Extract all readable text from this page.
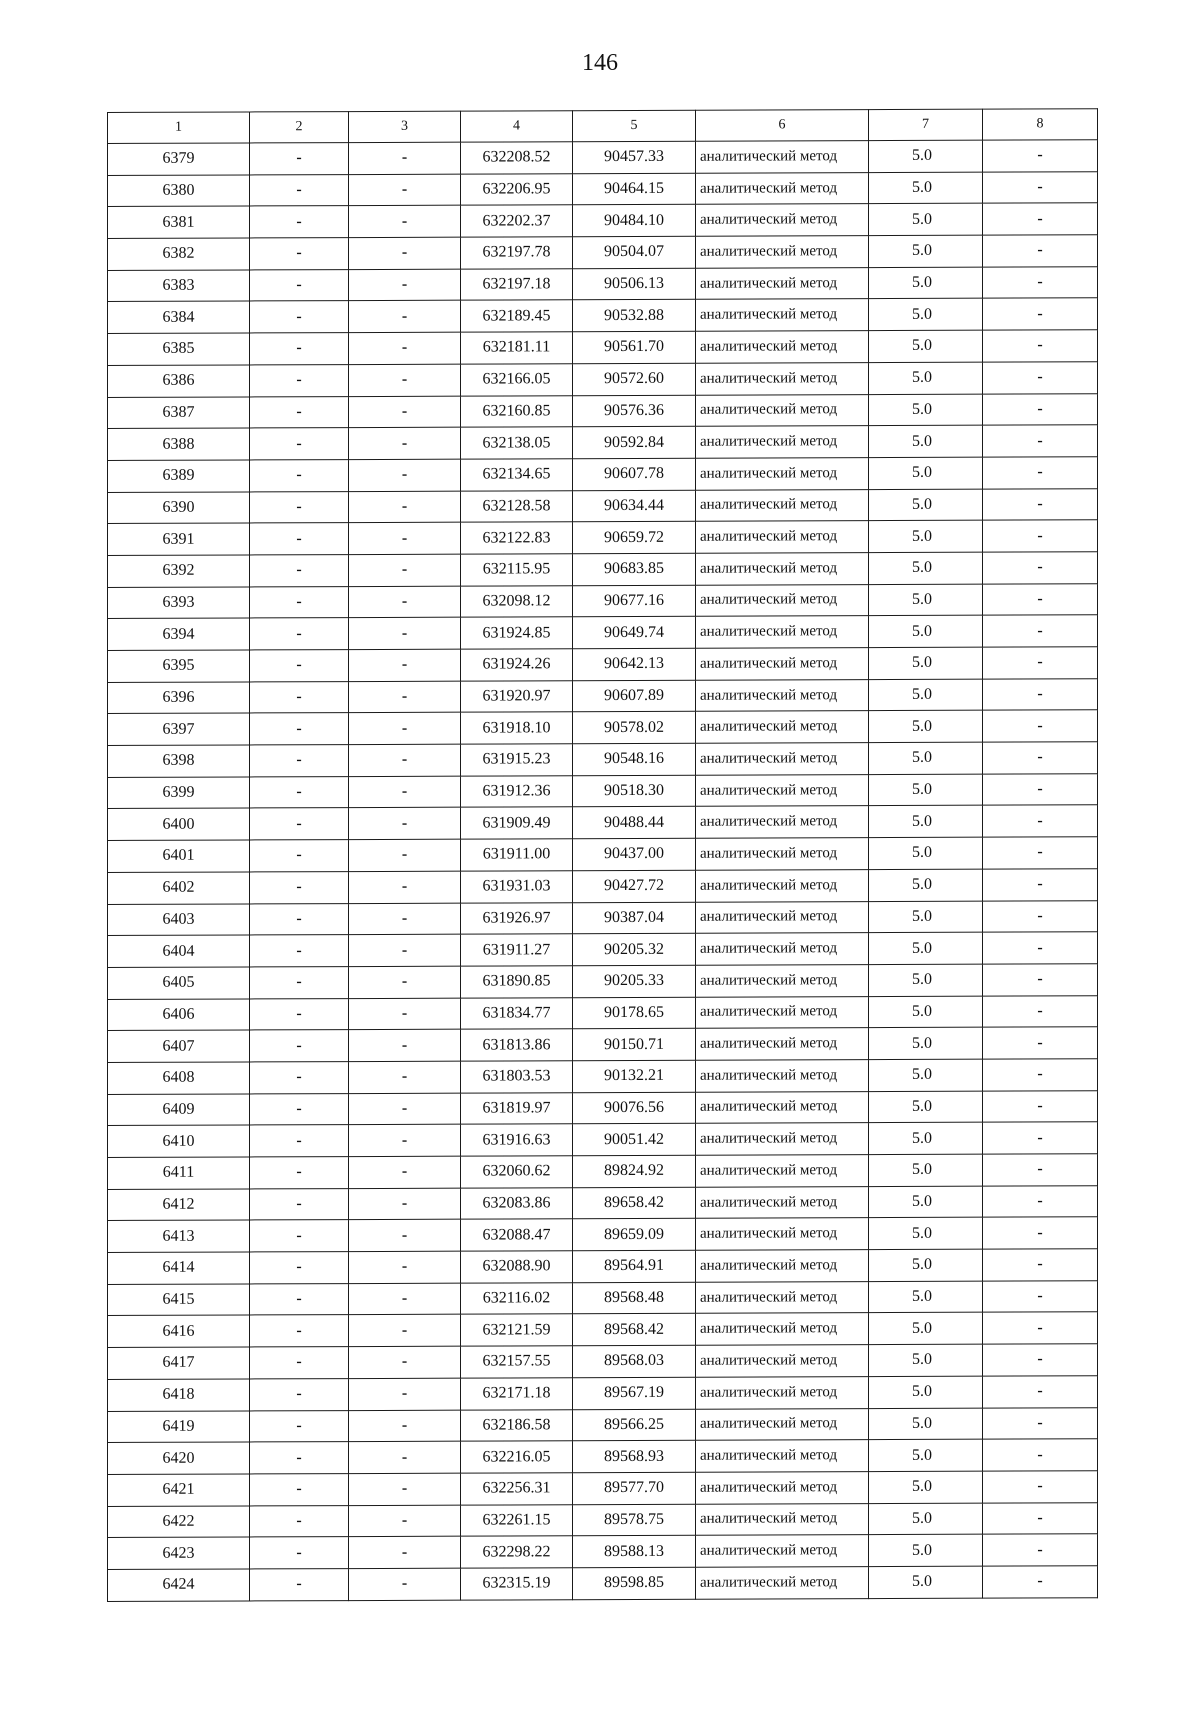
146
1	2	3	4	5	6	7	8
6379	-	-	632208.52	90457.33	аналитический метод	5.0	-
6380	-	-	632206.95	90464.15	аналитический метод	5.0	-
6381	-	-	632202.37	90484.10	аналитический метод	5.0	-
6382	-	-	632197.78	90504.07	аналитический метод	5.0	-
6383	-	-	632197.18	90506.13	аналитический метод	5.0	-
6384	-	-	632189.45	90532.88	аналитический метод	5.0	-
6385	-	-	632181.11	90561.70	аналитический метод	5.0	-
6386	-	-	632166.05	90572.60	аналитический метод	5.0	-
6387	-	-	632160.85	90576.36	аналитический метод	5.0	-
6388	-	-	632138.05	90592.84	аналитический метод	5.0	-
6389	-	-	632134.65	90607.78	аналитический метод	5.0	-
6390	-	-	632128.58	90634.44	аналитический метод	5.0	-
6391	-	-	632122.83	90659.72	аналитический метод	5.0	-
6392	-	-	632115.95	90683.85	аналитический метод	5.0	-
6393	-	-	632098.12	90677.16	аналитический метод	5.0	-
6394	-	-	631924.85	90649.74	аналитический метод	5.0	-
6395	-	-	631924.26	90642.13	аналитический метод	5.0	-
6396	-	-	631920.97	90607.89	аналитический метод	5.0	-
6397	-	-	631918.10	90578.02	аналитический метод	5.0	-
6398	-	-	631915.23	90548.16	аналитический метод	5.0	-
6399	-	-	631912.36	90518.30	аналитический метод	5.0	-
6400	-	-	631909.49	90488.44	аналитический метод	5.0	-
6401	-	-	631911.00	90437.00	аналитический метод	5.0	-
6402	-	-	631931.03	90427.72	аналитический метод	5.0	-
6403	-	-	631926.97	90387.04	аналитический метод	5.0	-
6404	-	-	631911.27	90205.32	аналитический метод	5.0	-
6405	-	-	631890.85	90205.33	аналитический метод	5.0	-
6406	-	-	631834.77	90178.65	аналитический метод	5.0	-
6407	-	-	631813.86	90150.71	аналитический метод	5.0	-
6408	-	-	631803.53	90132.21	аналитический метод	5.0	-
6409	-	-	631819.97	90076.56	аналитический метод	5.0	-
6410	-	-	631916.63	90051.42	аналитический метод	5.0	-
6411	-	-	632060.62	89824.92	аналитический метод	5.0	-
6412	-	-	632083.86	89658.42	аналитический метод	5.0	-
6413	-	-	632088.47	89659.09	аналитический метод	5.0	-
6414	-	-	632088.90	89564.91	аналитический метод	5.0	-
6415	-	-	632116.02	89568.48	аналитический метод	5.0	-
6416	-	-	632121.59	89568.42	аналитический метод	5.0	-
6417	-	-	632157.55	89568.03	аналитический метод	5.0	-
6418	-	-	632171.18	89567.19	аналитический метод	5.0	-
6419	-	-	632186.58	89566.25	аналитический метод	5.0	-
6420	-	-	632216.05	89568.93	аналитический метод	5.0	-
6421	-	-	632256.31	89577.70	аналитический метод	5.0	-
6422	-	-	632261.15	89578.75	аналитический метод	5.0	-
6423	-	-	632298.22	89588.13	аналитический метод	5.0	-
6424	-	-	632315.19	89598.85	аналитический метод	5.0	-
